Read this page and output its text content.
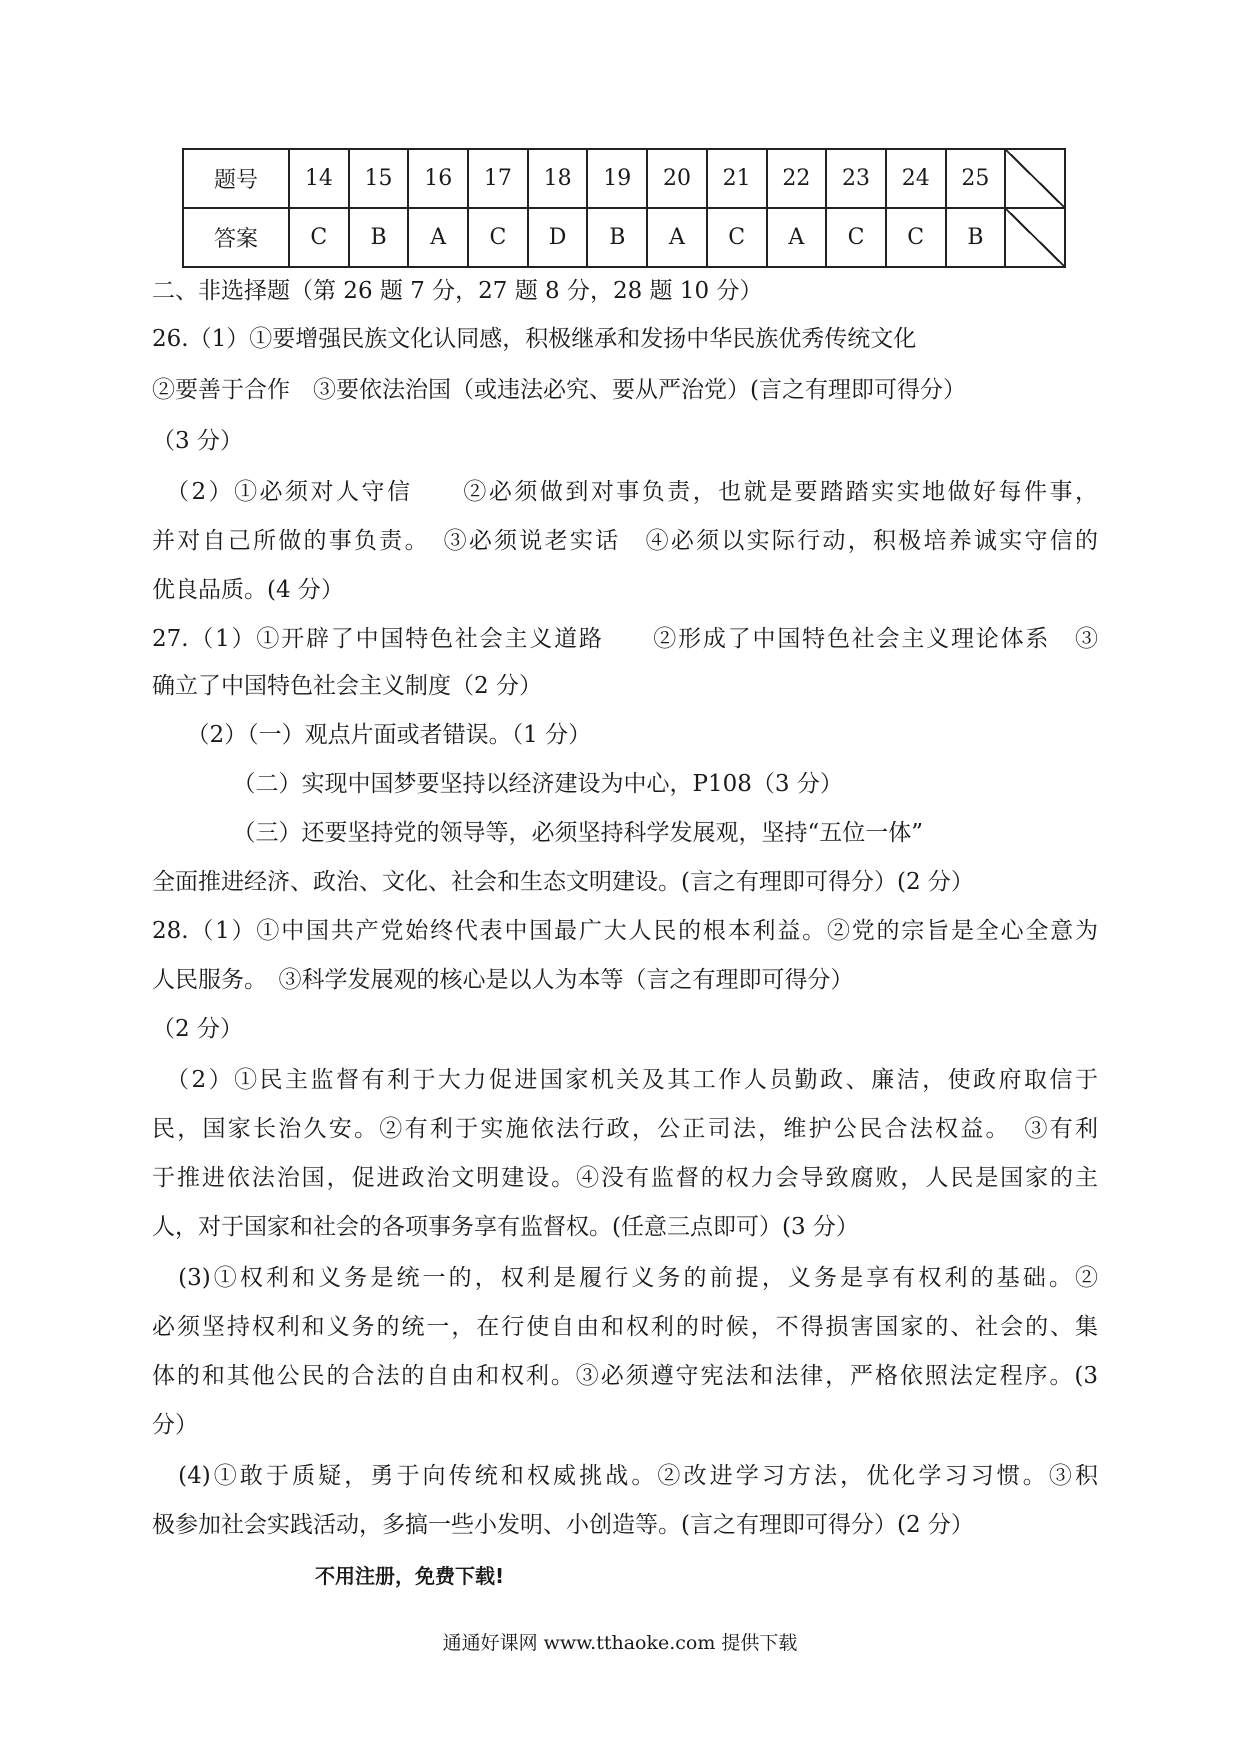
题号	14	15	16	17	18	19	20	21	22	23	24	25	
答案	C	B	A	C	D	B	A	C	A	C	C	B	
二、非选择题（第 26 题 7 分，27 题 8 分，28 题 10 分）
26.（1）①要增强民族文化认同感，积极继承和发扬中华民族优秀传统文化
②要善于合作　③要依法治国（或违法必究、要从严治党）(言之有理即可得分）
（3 分）
　（2）①必须对人守信　　②必须做到对事负责，也就是要踏踏实实地做好每件事，
并对自己所做的事负责。　③必须说老实话　④必须以实际行动，积极培养诚实守信的
优良品质。(4 分）
27.（1）①开辟了中国特色社会主义道路　　②形成了中国特色社会主义理论体系　③
确立了中国特色社会主义制度（2 分）
　　（2）（一）观点片面或者错误。（1 分）
　　　　（二）实现中国梦要坚持以经济建设为中心，P108（3 分）
　　　　（三）还要坚持党的领导等，必须坚持科学发展观，坚持“五位一体”
全面推进经济、政治、文化、社会和生态文明建设。(言之有理即可得分）(2 分）
28.（1）①中国共产党始终代表中国最广大人民的根本利益。②党的宗旨是全心全意为
人民服务。　③科学发展观的核心是以人为本等（言之有理即可得分）
（2 分）
　（2）①民主监督有利于大力促进国家机关及其工作人员勤政、廉洁，使政府取信于
民，国家长治久安。②有利于实施依法行政，公正司法，维护公民合法权益。　③有利
于推进依法治国，促进政治文明建设。④没有监督的权力会导致腐败，人民是国家的主
人，对于国家和社会的各项事务享有监督权。(任意三点即可）(3 分）
　(3)①权利和义务是统一的，权利是履行义务的前提，义务是享有权利的基础。②
必须坚持权利和义务的统一，在行使自由和权利的时候，不得损害国家的、社会的、集
体的和其他公民的合法的自由和权利。③必须遵守宪法和法律，严格依照法定程序。(3
分）
　(4)①敢于质疑，勇于向传统和权威挑战。②改进学习方法，优化学习习惯。③积
极参加社会实践活动，多搞一些小发明、小创造等。(言之有理即可得分）(2 分）
不用注册，免费下载!
通通好课网 www.tthaoke.com 提供下载
